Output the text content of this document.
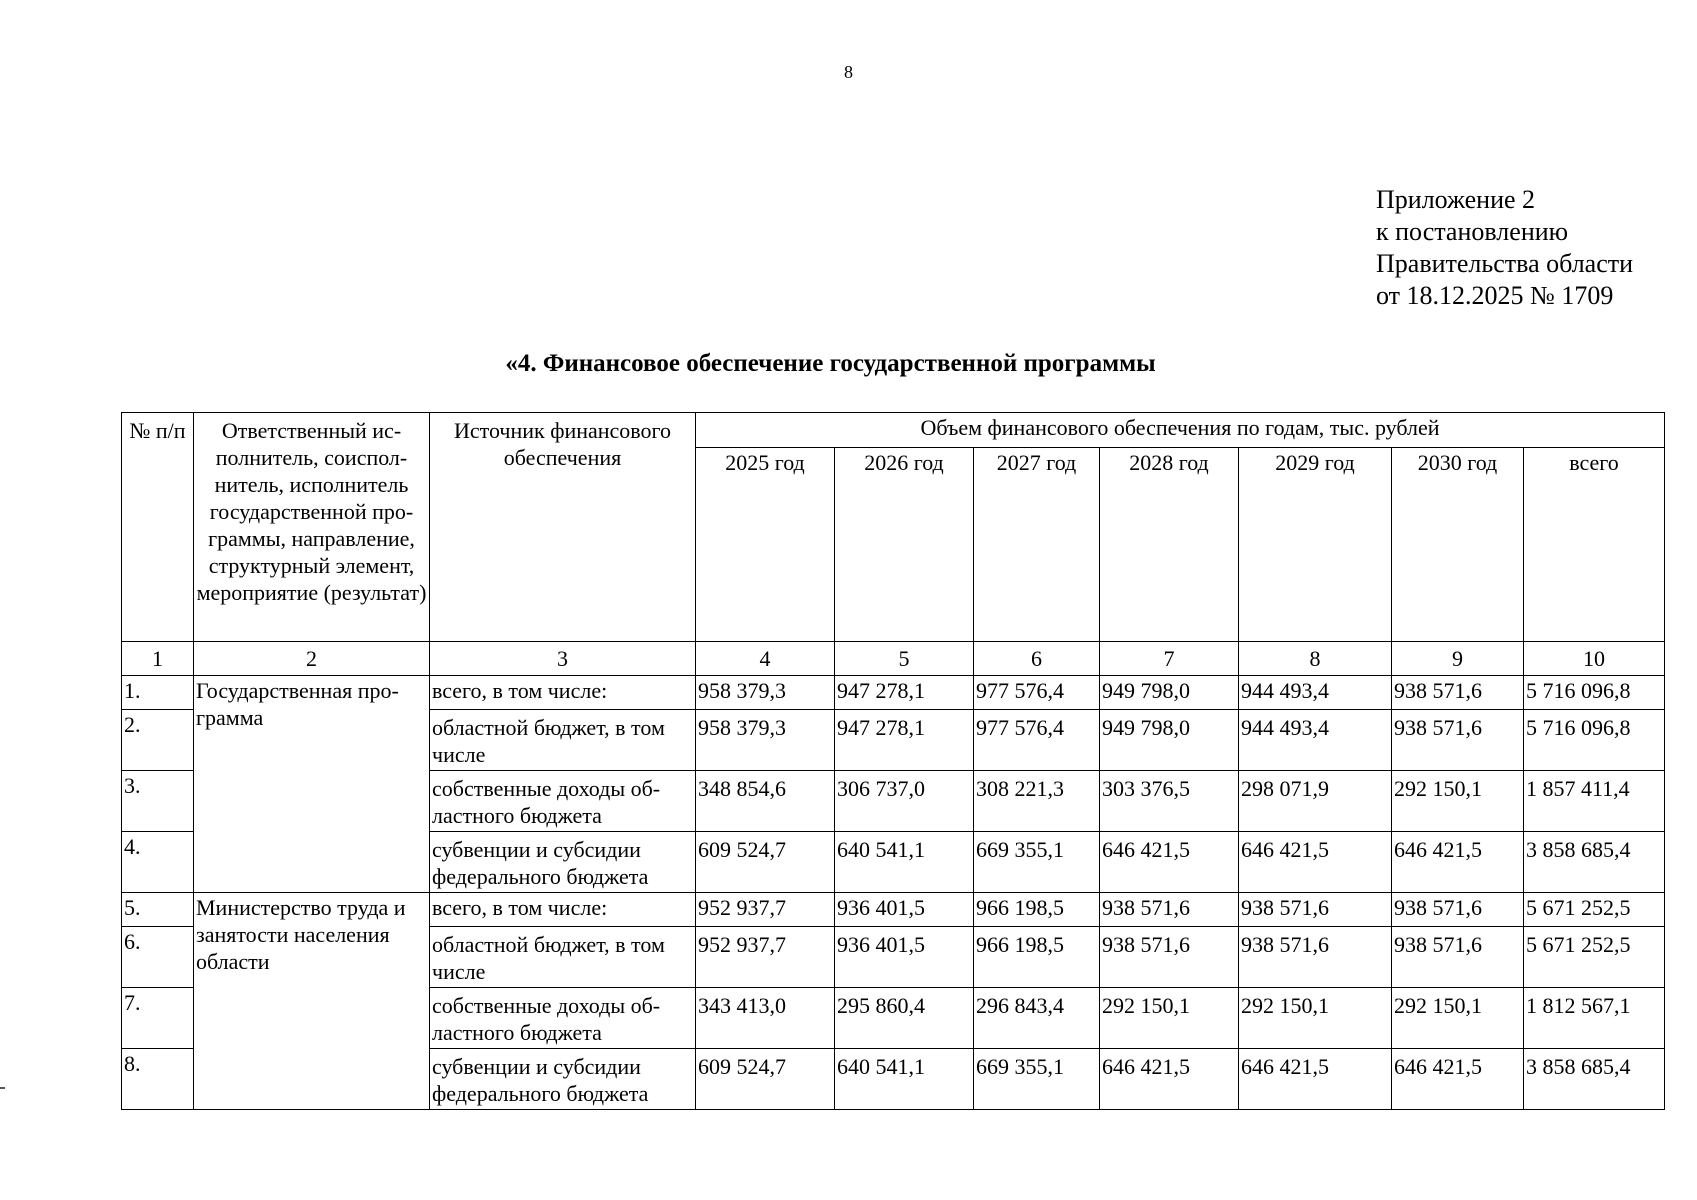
8
Приложение 2
к постановлению
Правительства области
от 18.12.2025 № 1709
«4. Финансовое обеспечение государственной программы
№ п/п	Ответственный исполнитель, соисполнитель, исполнитель государственной программы, направление, структурный элемент, мероприятие (результат)	Источник финансового обеспечения	Объем финансового обеспечения по годам, тыс. рублей						
			2025 год	2026 год	2027 год	2028 год	2029 год	2030 год	всего
1	2	3	4	5	6	7	8	9	10
1.	Государственная программа	всего, в том числе:	958 379,3	947 278,1	977 576,4	949 798,0	944 493,4	938 571,6	5 716 096,8
2.		областной бюджет, в том числе	958 379,3	947 278,1	977 576,4	949 798,0	944 493,4	938 571,6	5 716 096,8
3.		собственные доходы областного бюджета	348 854,6	306 737,0	308 221,3	303 376,5	298 071,9	292 150,1	1 857 411,4
4.		субвенции и субсидии федерального бюджета	609 524,7	640 541,1	669 355,1	646 421,5	646 421,5	646 421,5	3 858 685,4
5.	Министерство труда и занятости населения области	всего, в том числе:	952 937,7	936 401,5	966 198,5	938 571,6	938 571,6	938 571,6	5 671 252,5
6.		областной бюджет, в том числе	952 937,7	936 401,5	966 198,5	938 571,6	938 571,6	938 571,6	5 671 252,5
7.		собственные доходы областного бюджета	343 413,0	295 860,4	296 843,4	292 150,1	292 150,1	292 150,1	1 812 567,1
8.		субвенции и субсидии федерального бюджета	609 524,7	640 541,1	669 355,1	646 421,5	646 421,5	646 421,5	3 858 685,4
